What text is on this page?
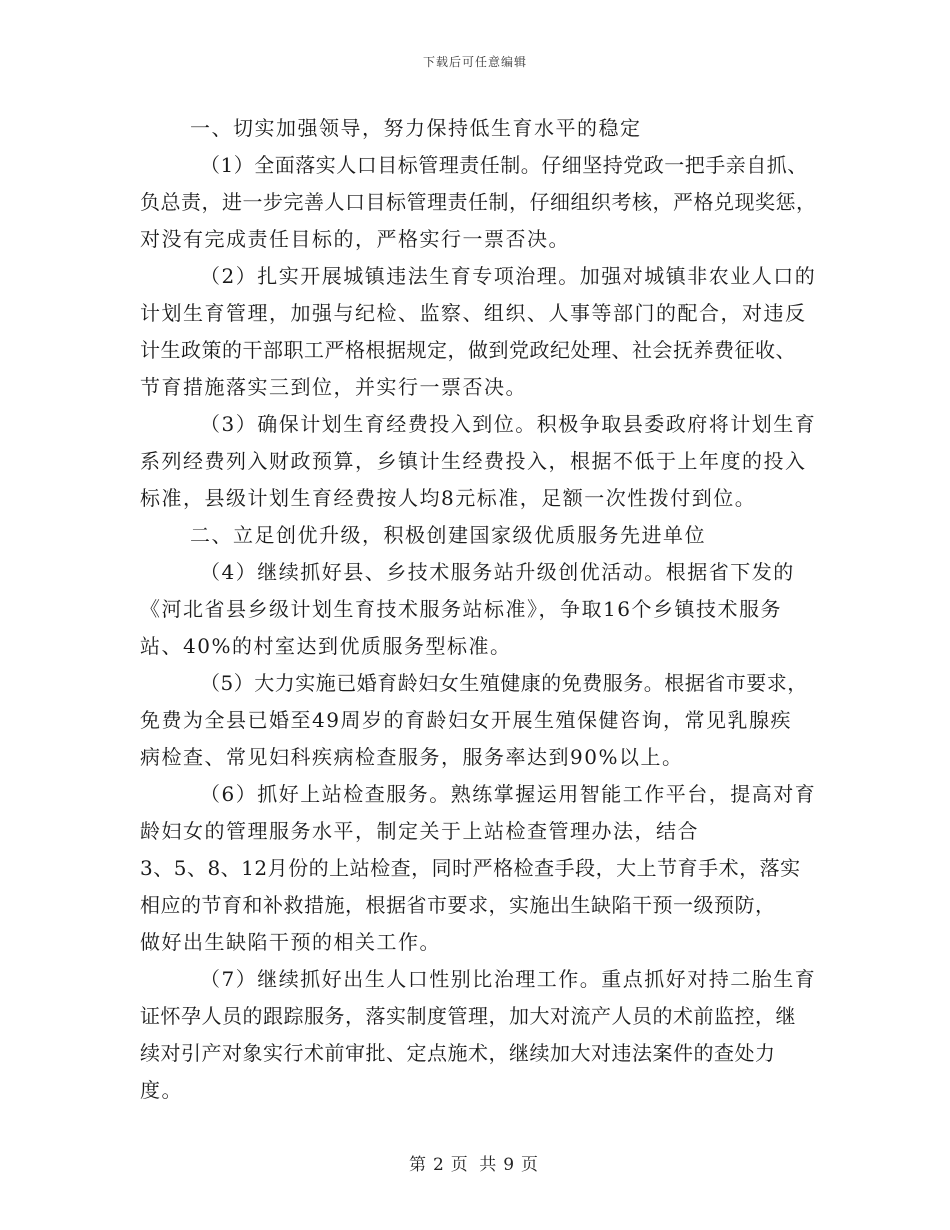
下载后可任意编辑
一、切实加强领导，努力保持低生育水平的稳定
（1）全面落实人口目标管理责任制。仔细坚持党政一把手亲自抓、
负总责，进一步完善人口目标管理责任制，仔细组织考核，严格兑现奖惩，
对没有完成责任目标的，严格实行一票否决。
（2）扎实开展城镇违法生育专项治理。加强对城镇非农业人口的
计划生育管理，加强与纪检、监察、组织、人事等部门的配合，对违反
计生政策的干部职工严格根据规定，做到党政纪处理、社会抚养费征收、
节育措施落实三到位，并实行一票否决。
（3）确保计划生育经费投入到位。积极争取县委政府将计划生育
系列经费列入财政预算，乡镇计生经费投入，根据不低于上年度的投入
标准，县级计划生育经费按人均8元标准，足额一次性拨付到位。
二、立足创优升级，积极创建国家级优质服务先进单位
（4）继续抓好县、乡技术服务站升级创优活动。根据省下发的
《河北省县乡级计划生育技术服务站标准》，争取16个乡镇技术服务
站、40%的村室达到优质服务型标准。
（5）大力实施已婚育龄妇女生殖健康的免费服务。根据省市要求，
免费为全县已婚至49周岁的育龄妇女开展生殖保健咨询，常见乳腺疾
病检查、常见妇科疾病检查服务，服务率达到90%以上。
（6）抓好上站检查服务。熟练掌握运用智能工作平台，提高对育
龄妇女的管理服务水平，制定关于上站检查管理办法，结合
3、5、8、12月份的上站检查，同时严格检查手段，大上节育手术，落实
相应的节育和补救措施，根据省市要求，实施出生缺陷干预一级预防，
做好出生缺陷干预的相关工作。
（7）继续抓好出生人口性别比治理工作。重点抓好对持二胎生育
证怀孕人员的跟踪服务，落实制度管理，加大对流产人员的术前监控，继
续对引产对象实行术前审批、定点施术，继续加大对违法案件的查处力
度。
第 2 页 共 9 页
